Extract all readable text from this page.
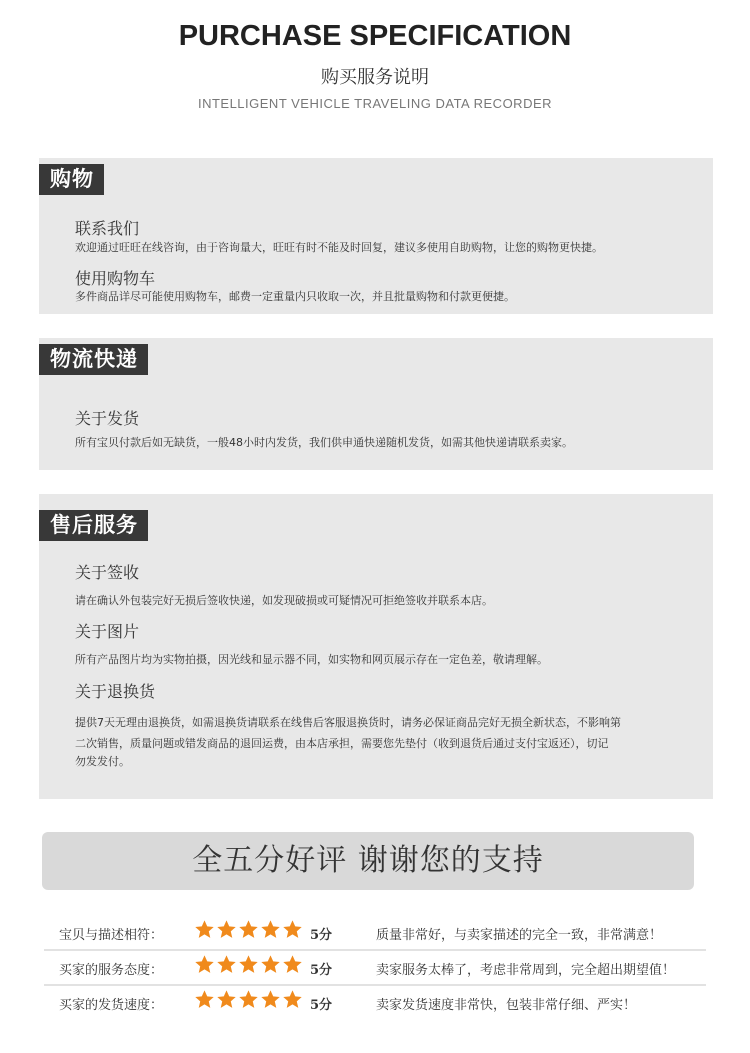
PURCHASE SPECIFICATION
购买服务说明
INTELLIGENT VEHICLE TRAVELING DATA RECORDER
购物
联系我们
欢迎通过旺旺在线咨询，由于咨询量大，旺旺有时不能及时回复，建议多使用自助购物，让您的购物更快捷。
使用购物车
多件商品详尽可能使用购物车，邮费一定重量内只收取一次，并且批量购物和付款更便捷。
物流快递
关于发货
所有宝贝付款后如无缺货，一般48小时内发货，我们供申通快递随机发货，如需其他快递请联系卖家。
售后服务
关于签收
请在确认外包装完好无损后签收快递，如发现破损或可疑情况可拒绝签收并联系本店。
关于图片
所有产品图片均为实物拍摄，因光线和显示器不同，如实物和网页展示存在一定色差，敬请理解。
关于退换货
提供7天无理由退换货，如需退换货请联系在线售后客服退换货时，请务必保证商品完好无损全新状态，不影响第
二次销售，质量问题或错发商品的退回运费，由本店承担，需要您先垫付（收到退货后通过支付宝返还），切记
勿发发付。
全五分好评 谢谢您的支持
宝贝与描述相符：	5分	质量非常好，与卖家描述的完全一致，非常满意！
买家的服务态度：	5分	卖家服务太棒了，考虑非常周到，完全超出期望值！
买家的发货速度：	5分	卖家发货速度非常快，包装非常仔细、严实！
